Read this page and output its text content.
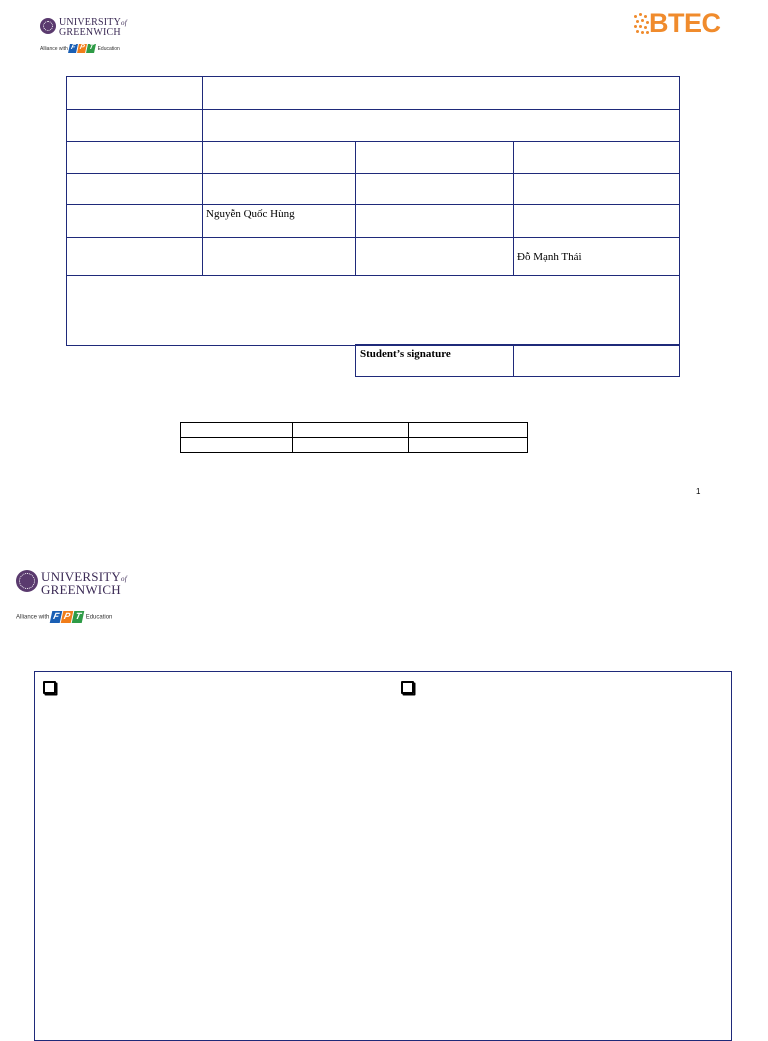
UNIVERSITYof
GREENWICH
Alliance with F P T Education
BTEC

	Nguyễn Quốc Hùng		
			Đỗ Mạnh Thái

Student’s signature	

1
UNIVERSITYof
GREENWICH
Alliance with F P T Education
